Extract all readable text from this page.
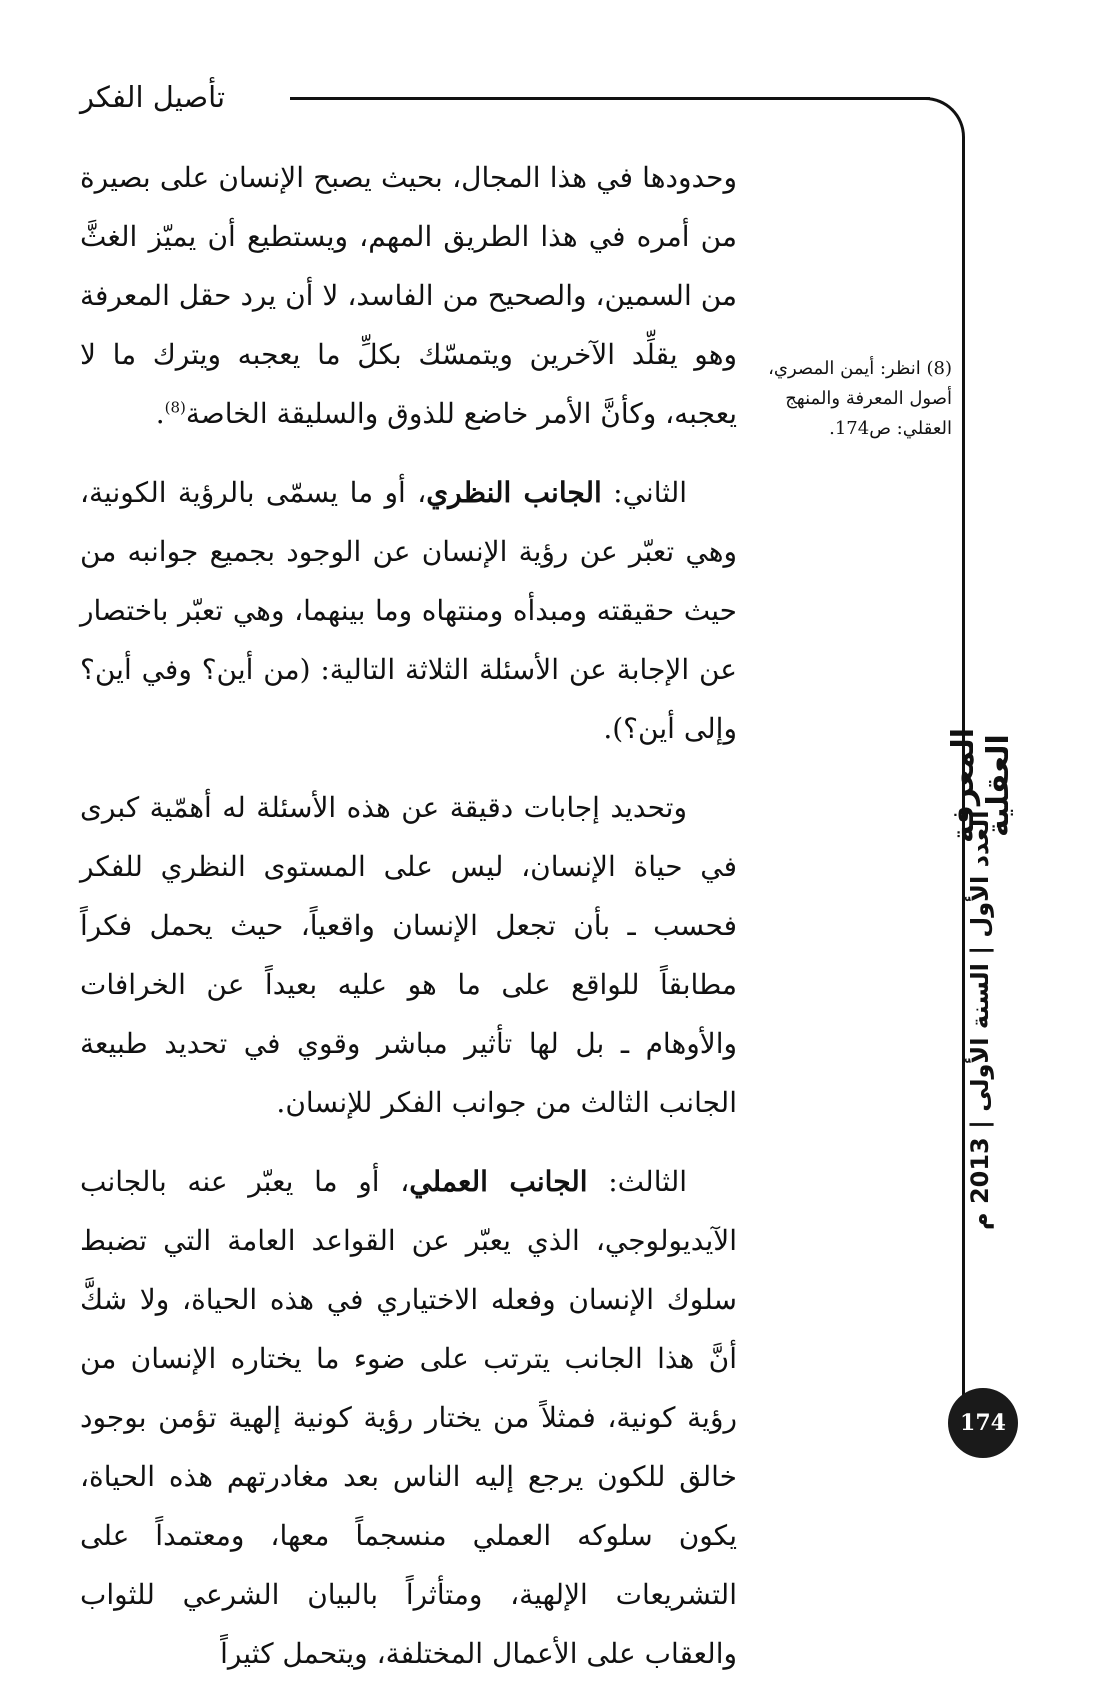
تأصيل الفكر

وحدودها في هذا المجال، بحيث يصبح الإنسان على بصيرة من أمره في هذا الطريق المهم، ويستطيع أن يميّز الغثَّ من السمين، والصحيح من الفاسد، لا أن يرد حقل المعرفة وهو يقلِّد الآخرين ويتمسّك بكلِّ ما يعجبه ويترك ما لا يعجبه، وكأنَّ الأمر خاضع للذوق والسليقة الخاصة$^{(8)}$.

الثاني: الجانب النظري، أو ما يسمّى بالرؤية الكونية، وهي تعبّر عن رؤية الإنسان عن الوجود بجميع جوانبه من حيث حقيقته ومبدأه ومنتهاه وما بينهما، وهي تعبّر باختصار عن الإجابة عن الأسئلة الثلاثة التالية: (من أين؟ وفي أين؟ وإلى أين؟).

وتحديد إجابات دقيقة عن هذه الأسئلة له أهمّية كبرى في حياة الإنسان، ليس على المستوى النظري للفكر فحسب ـ بأن تجعل الإنسان واقعياً، حيث يحمل فكراً مطابقاً للواقع على ما هو عليه بعيداً عن الخرافات والأوهام ـ بل لها تأثير مباشر وقوي في تحديد طبيعة الجانب الثالث من جوانب الفكر للإنسان.

الثالث: الجانب العملي، أو ما يعبّر عنه بالجانب الآيديولوجي، الذي يعبّر عن القواعد العامة التي تضبط سلوك الإنسان وفعله الاختياري في هذه الحياة، ولا شكَّ أنَّ هذا الجانب يترتب على ضوء ما يختاره الإنسان من رؤية كونية، فمثلاً من يختار رؤية كونية إلهية تؤمن بوجود خالق للكون يرجع إليه الناس بعد مغادرتهم هذه الحياة، يكون سلوكه العملي منسجماً معها، ومعتمداً على التشريعات الإلهية، ومتأثراً بالبيان الشرعي للثواب والعقاب على الأعمال المختلفة، ويتحمل كثيراً

(8) انظر: أيمن المصري، أصول المعرفة والمنهج العقلي: ص174.
المعرفة العقلية
العدد الأول | السنة الأولى | 2013 م
174
